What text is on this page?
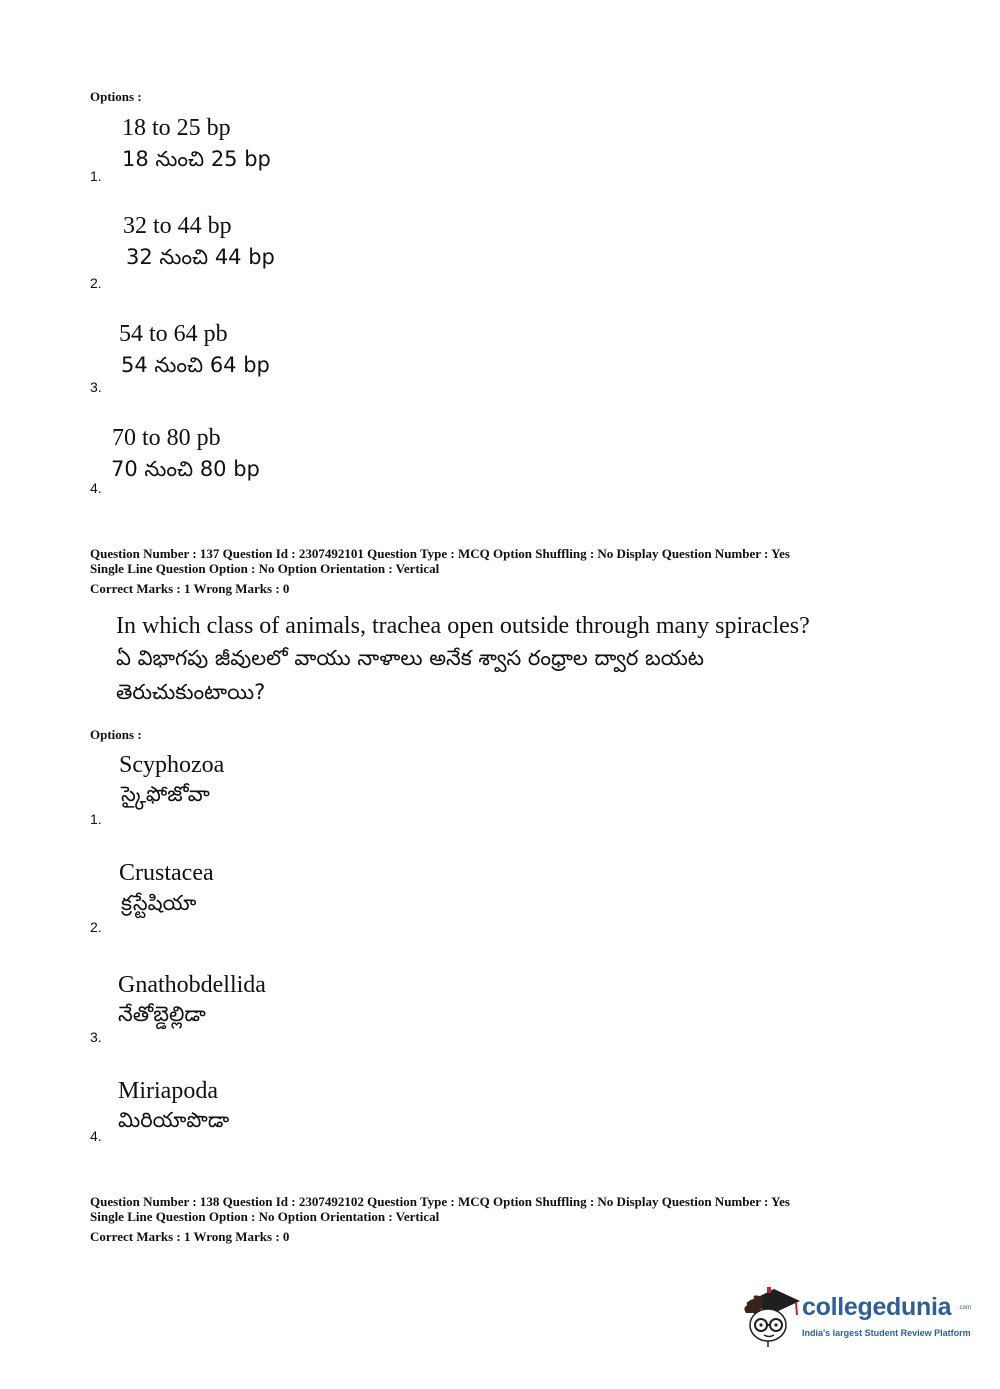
Options :
18 to 25 bp
18 నుంచి 25 bp
1.
32 to 44 bp
32 నుంచి 44 bp
2.
54 to 64 pb
54 నుంచి 64 bp
3.
70 to 80 pb
70 నుంచి 80 bp
4.
Question Number : 137 Question Id : 2307492101 Question Type : MCQ Option Shuffling : No Display Question Number : Yes
Single Line Question Option : No Option Orientation : Vertical
Correct Marks : 1 Wrong Marks : 0
In which class of animals, trachea open outside through many spiracles?
ఏ విభాగపు జీవులలో వాయు నాళాలు అనేక శ్వాస రంధ్రాల ద్వార బయట
తెరుచుకుంటాయి?
Options :
Scyphozoa
స్కైఫోజోవా
1.
Crustacea
క్రస్టేషియా
2.
Gnathobdellida
నేతోబ్డెల్లిడా
3.
Miriapoda
మిరియాపొడా
4.
Question Number : 138 Question Id : 2307492102 Question Type : MCQ Option Shuffling : No Display Question Number : Yes
Single Line Question Option : No Option Orientation : Vertical
Correct Marks : 1 Wrong Marks : 0
collegedunia .com
India's largest Student Review Platform
